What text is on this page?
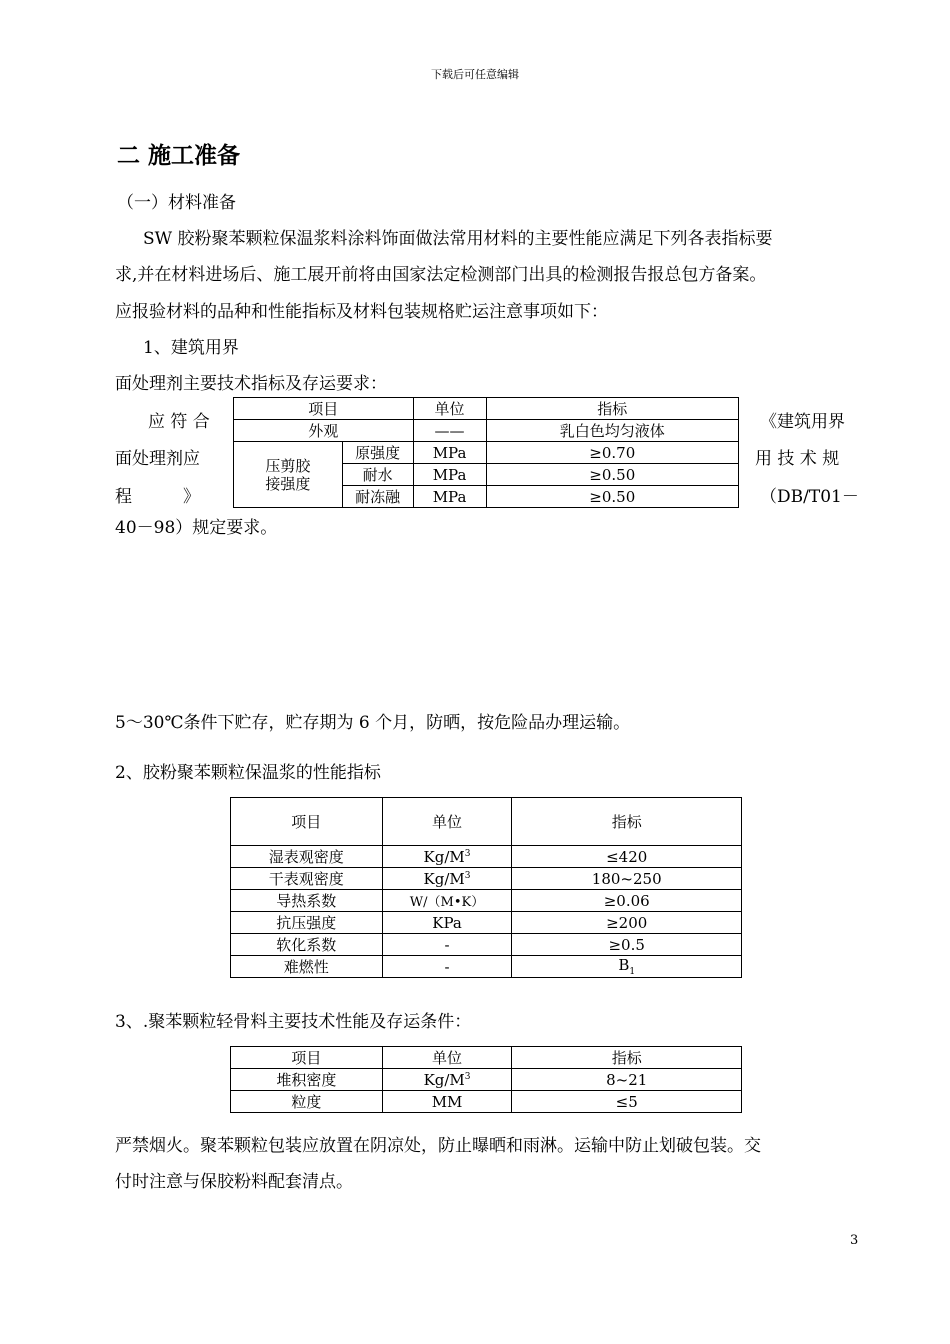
下载后可任意编辑
二 施工准备
（一）材料准备
SW 胶粉聚苯颗粒保温浆料涂料饰面做法常用材料的主要性能应满足下列各表指标要
求,并在材料进场后、施工展开前将由国家法定检测部门出具的检测报告报总包方备案。
应报验材料的品种和性能指标及材料包装规格贮运注意事项如下：
1、建筑用界
面处理剂主要技术指标及存运要求：
应 符 合
面处理剂应
程　　　》
《建筑用界
用 技 术 规
（DB/T01－
项目		单位	指标
外观		——	乳白色均匀液体
压剪胶
接强度	原强度	MPa	≥0.70
	耐水	MPa	≥0.50
	耐冻融	MPa	≥0.50
40－98）规定要求。
5～30℃条件下贮存，贮存期为 6 个月，防晒，按危险品办理运输。
2、胶粉聚苯颗粒保温浆的性能指标
项目	单位	指标
湿表观密度	$Kg/M^3$	≤420
干表观密度	$Kg/M^3$	180~250
导热系数	W/（M•K）	≥0.06
抗压强度	KPa	≥200
软化系数	-	≥0.5
难燃性	-	$B_1$
3、.聚苯颗粒轻骨料主要技术性能及存运条件：
项目	单位	指标
堆积密度	$Kg/M^3$	8~21
粒度	MM	≤5
严禁烟火。聚苯颗粒包装应放置在阴凉处，防止曝晒和雨淋。运输中防止划破包装。交
付时注意与保胶粉料配套清点。
3
